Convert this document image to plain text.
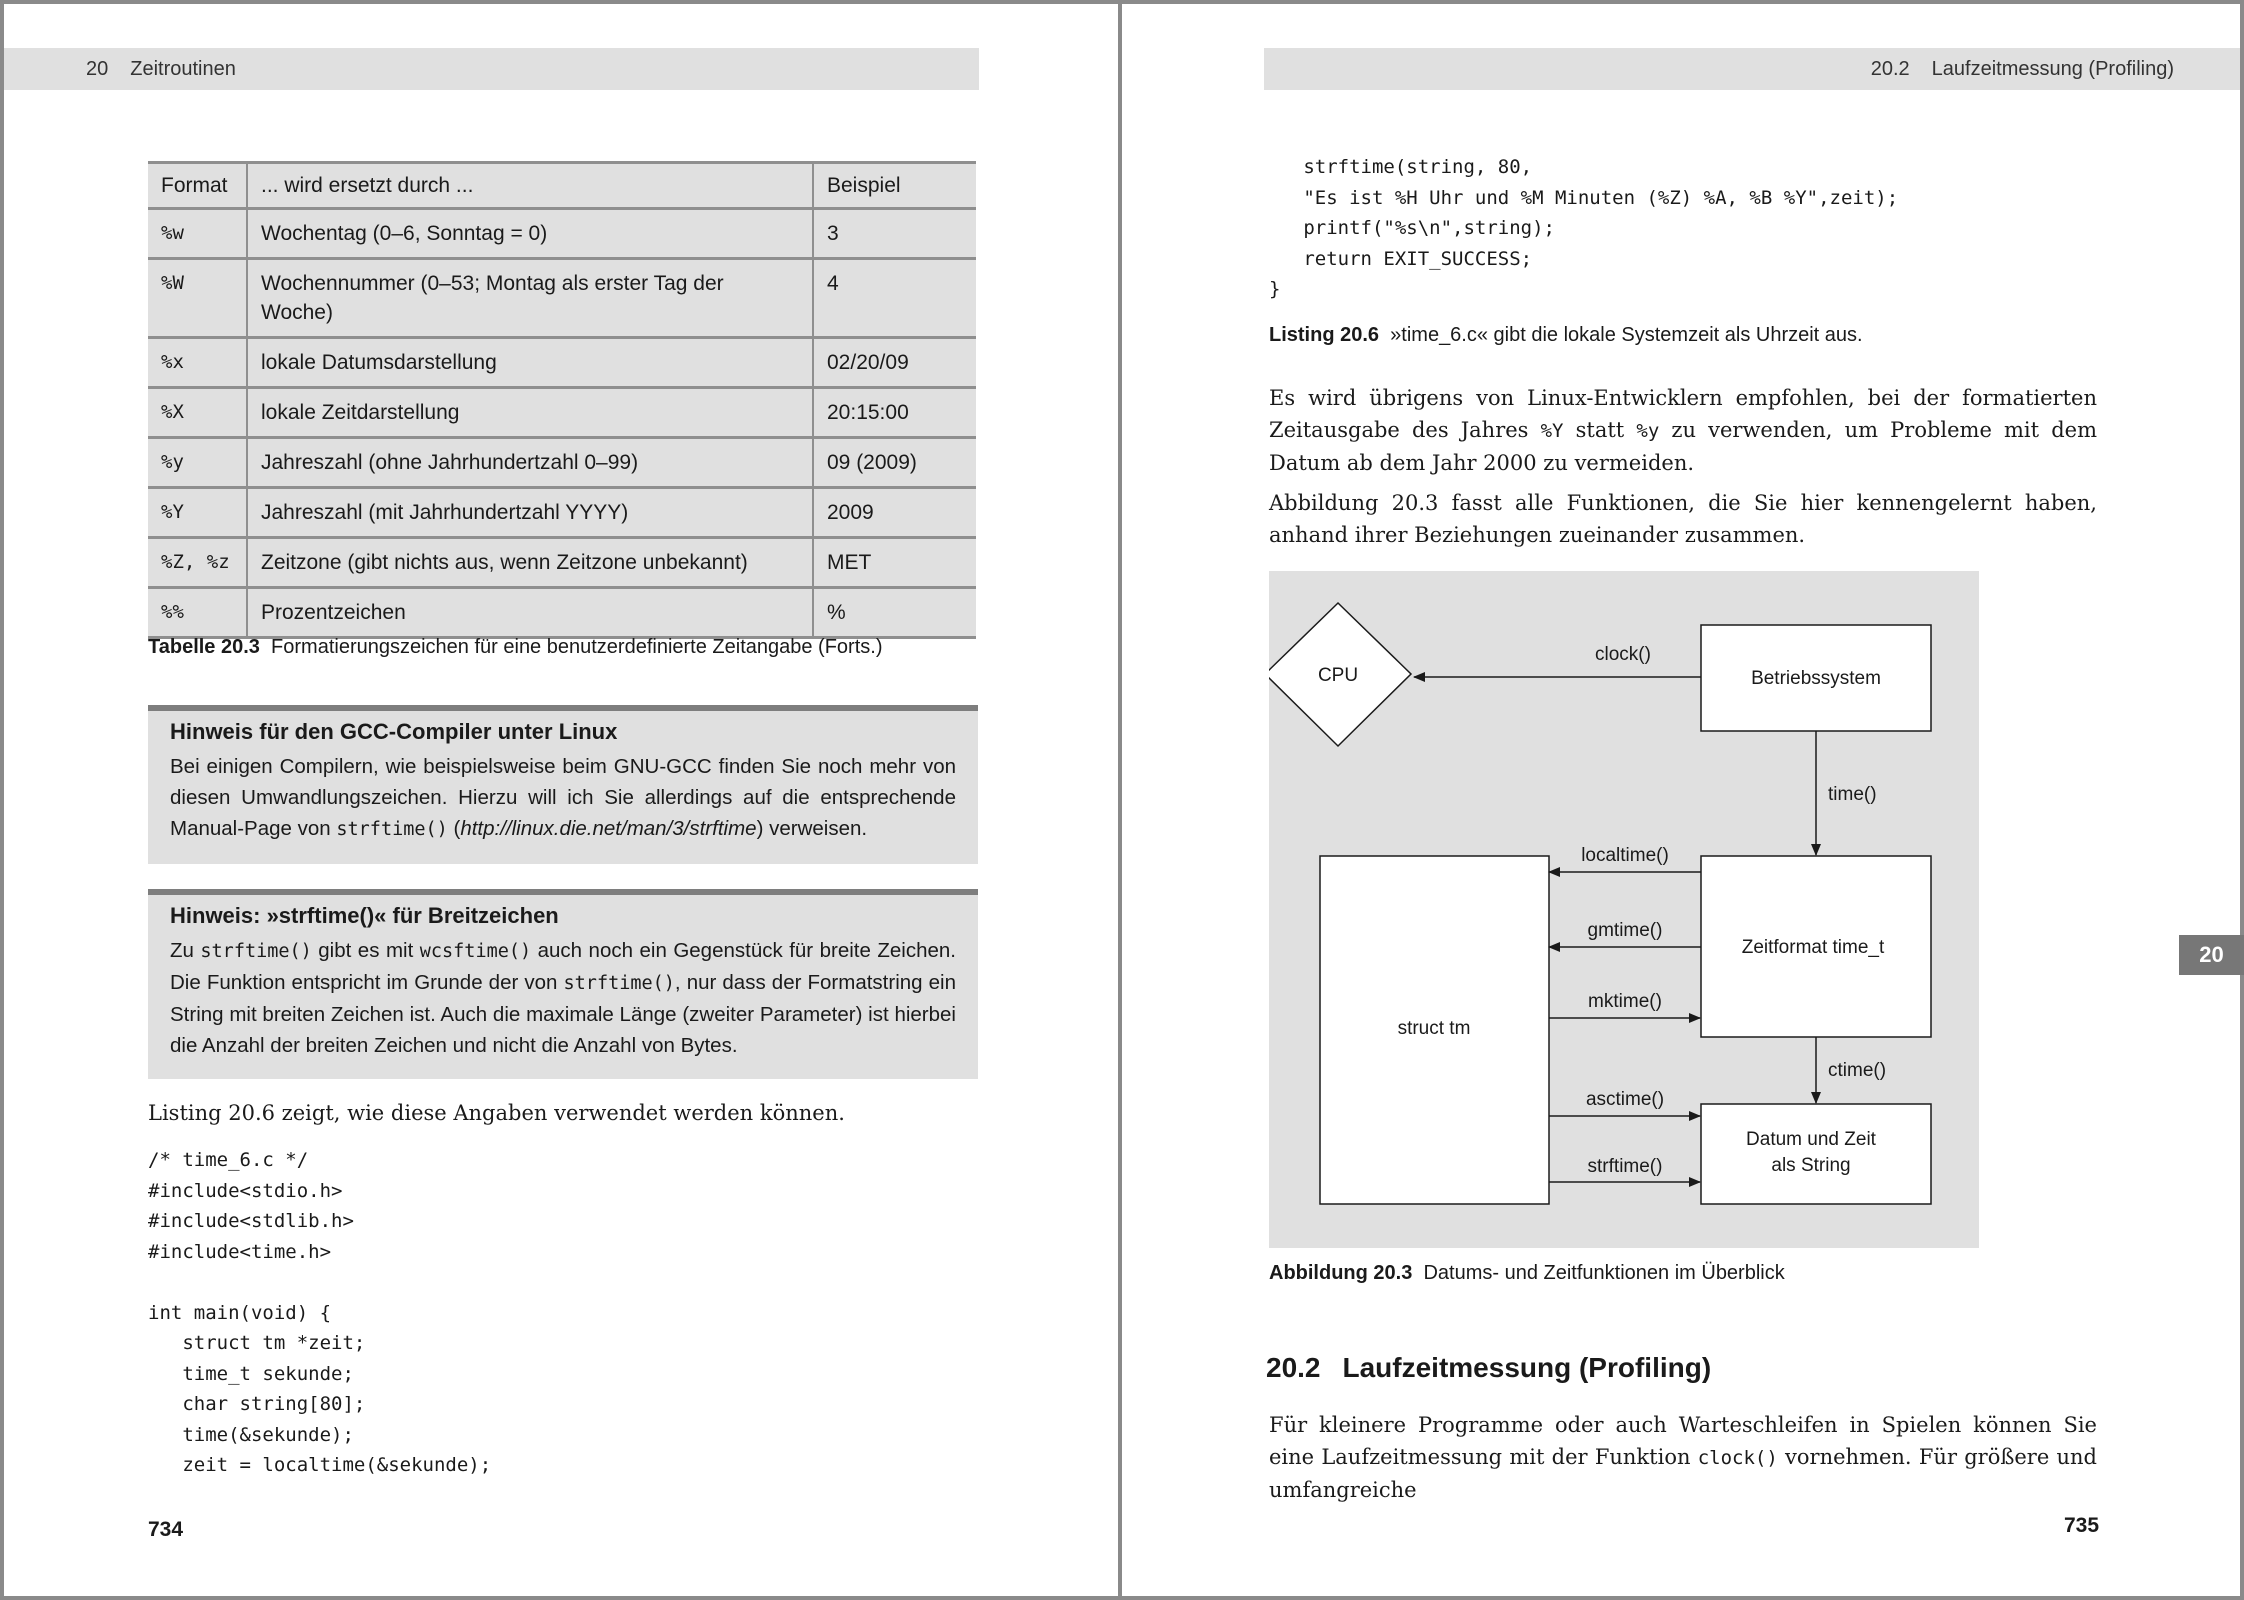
20 Zeitroutinen
Format	... wird ersetzt durch ...	Beispiel
%w	Wochentag (0–6, Sonntag = 0)	3
%W	Wochennummer (0–53; Montag als erster Tag der Woche)	4
%x	lokale Datumsdarstellung	02/20/09
%X	lokale Zeitdarstellung	20:15:00
%y	Jahreszahl (ohne Jahrhundertzahl 0–99)	09 (2009)
%Y	Jahreszahl (mit Jahrhundertzahl YYYY)	2009
%Z, %z	Zeitzone (gibt nichts aus, wenn Zeitzone unbekannt)	MET
%%	Prozentzeichen	%
Tabelle 20.3 Formatierungszeichen für eine benutzerdefinierte Zeitangabe (Forts.)
Hinweis für den GCC-Compiler unter Linux

Bei einigen Compilern, wie beispielsweise beim GNU-GCC finden Sie noch mehr von diesen Umwandlungszeichen. Hierzu will ich Sie allerdings auf die entsprechende Manual-Page von strftime() (http://linux.die.net/man/3/strftime) verweisen.

Hinweis: »strftime()« für Breitzeichen

Zu strftime() gibt es mit wcsftime() auch noch ein Gegenstück für breite Zeichen. Die Funktion entspricht im Grunde der von strftime(), nur dass der Formatstring ein String mit breiten Zeichen ist. Auch die maximale Länge (zweiter Parameter) ist hierbei die Anzahl der breiten Zeichen und nicht die Anzahl von Bytes.

Listing 20.6 zeigt, wie diese Angaben verwendet werden können.

/* time_6.c */
#include<stdio.h>
#include<stdlib.h>
#include<time.h>

int main(void) {
struct tm *zeit;
time_t sekunde;
char string[80];
time(&sekunde);
zeit = localtime(&sekunde);
734
20.2 Laufzeitmessung (Profiling)
strftime(string, 80,
"Es ist %H Uhr und %M Minuten (%Z) %A, %B %Y",zeit);
printf("%s\n",string);
return EXIT_SUCCESS;
}
Listing 20.6 »time_6.c« gibt die lokale Systemzeit als Uhrzeit aus.

Es wird übrigens von Linux-Entwicklern empfohlen, bei der formatierten Zeitausgabe des Jahres %Y statt %y zu verwenden, um Probleme mit dem Datum ab dem Jahr 2000 zu vermeiden.

Abbildung 20.3 fasst alle Funktionen, die Sie hier kennengelernt haben, anhand ihrer Beziehungen zueinander zusammen.

CPU	Betriebssystem
clock()
time()
struct tm
Zeitformat time_t
localtime()
gmtime()
mktime()
ctime()
Datum und Zeit
als String
asctime()
strftime()
Abbildung 20.3 Datums- und Zeitfunktionen im Überblick
20.2 Laufzeitmessung (Profiling)

Für kleinere Programme oder auch Warteschleifen in Spielen können Sie eine Laufzeitmessung mit der Funktion clock() vornehmen. Für größere und umfangreiche

735
20
